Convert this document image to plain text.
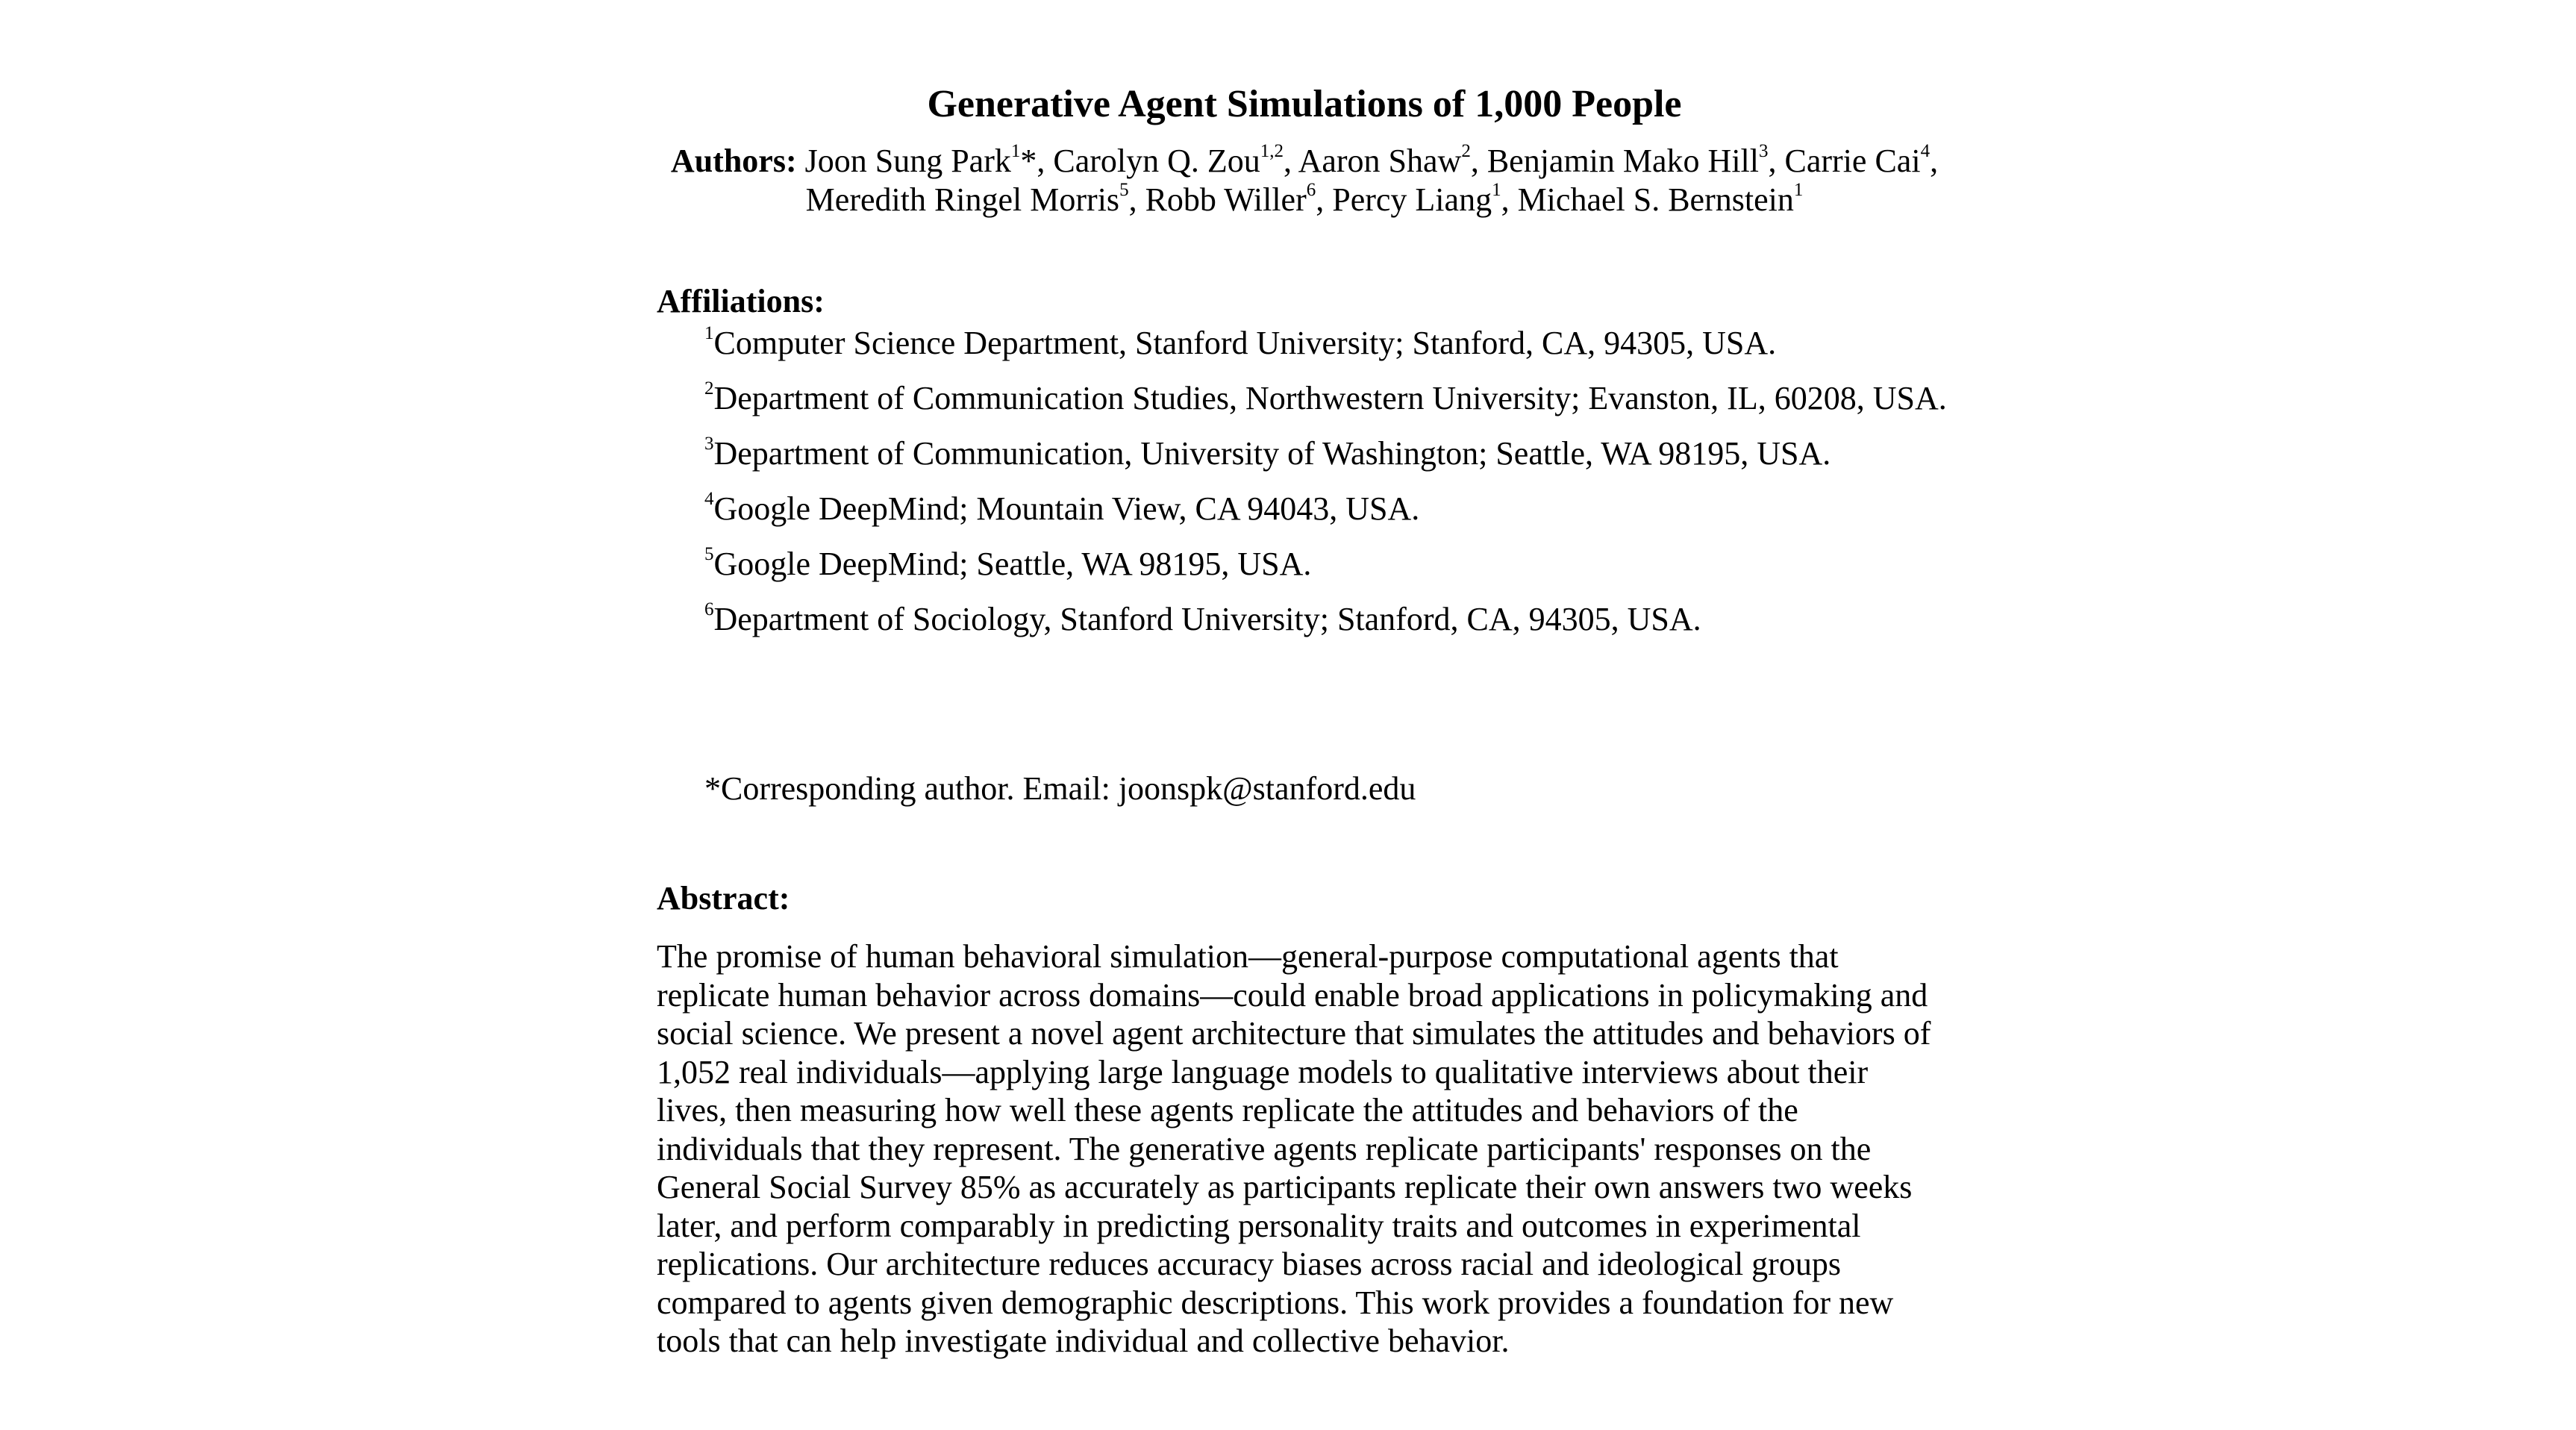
Generative Agent Simulations of 1,000 People
Authors: Joon Sung Park$^1$*, Carolyn Q. Zou$^{1,2}$, Aaron Shaw$^2$, Benjamin Mako Hill$^3$, Carrie Cai$^4$,
Meredith Ringel Morris$^5$, Robb Willer$^6$, Percy Liang$^1$, Michael S. Bernstein$^1$
Affiliations:
$^1$Computer Science Department, Stanford University; Stanford, CA, 94305, USA.
$^2$Department of Communication Studies, Northwestern University; Evanston, IL, 60208, USA.
$^3$Department of Communication, University of Washington; Seattle, WA 98195, USA.
$^4$Google DeepMind; Mountain View, CA 94043, USA.
$^5$Google DeepMind; Seattle, WA 98195, USA.
$^6$Department of Sociology, Stanford University; Stanford, CA, 94305, USA.
*Corresponding author. Email: joonspk@stanford.edu
Abstract:

The promise of human behavioral simulation—general-purpose computational agents that
replicate human behavior across domains—could enable broad applications in policymaking and
social science. We present a novel agent architecture that simulates the attitudes and behaviors of
1,052 real individuals—applying large language models to qualitative interviews about their
lives, then measuring how well these agents replicate the attitudes and behaviors of the
individuals that they represent. The generative agents replicate participants' responses on the
General Social Survey 85% as accurately as participants replicate their own answers two weeks
later, and perform comparably in predicting personality traits and outcomes in experimental
replications. Our architecture reduces accuracy biases across racial and ideological groups
compared to agents given demographic descriptions. This work provides a foundation for new
tools that can help investigate individual and collective behavior.
